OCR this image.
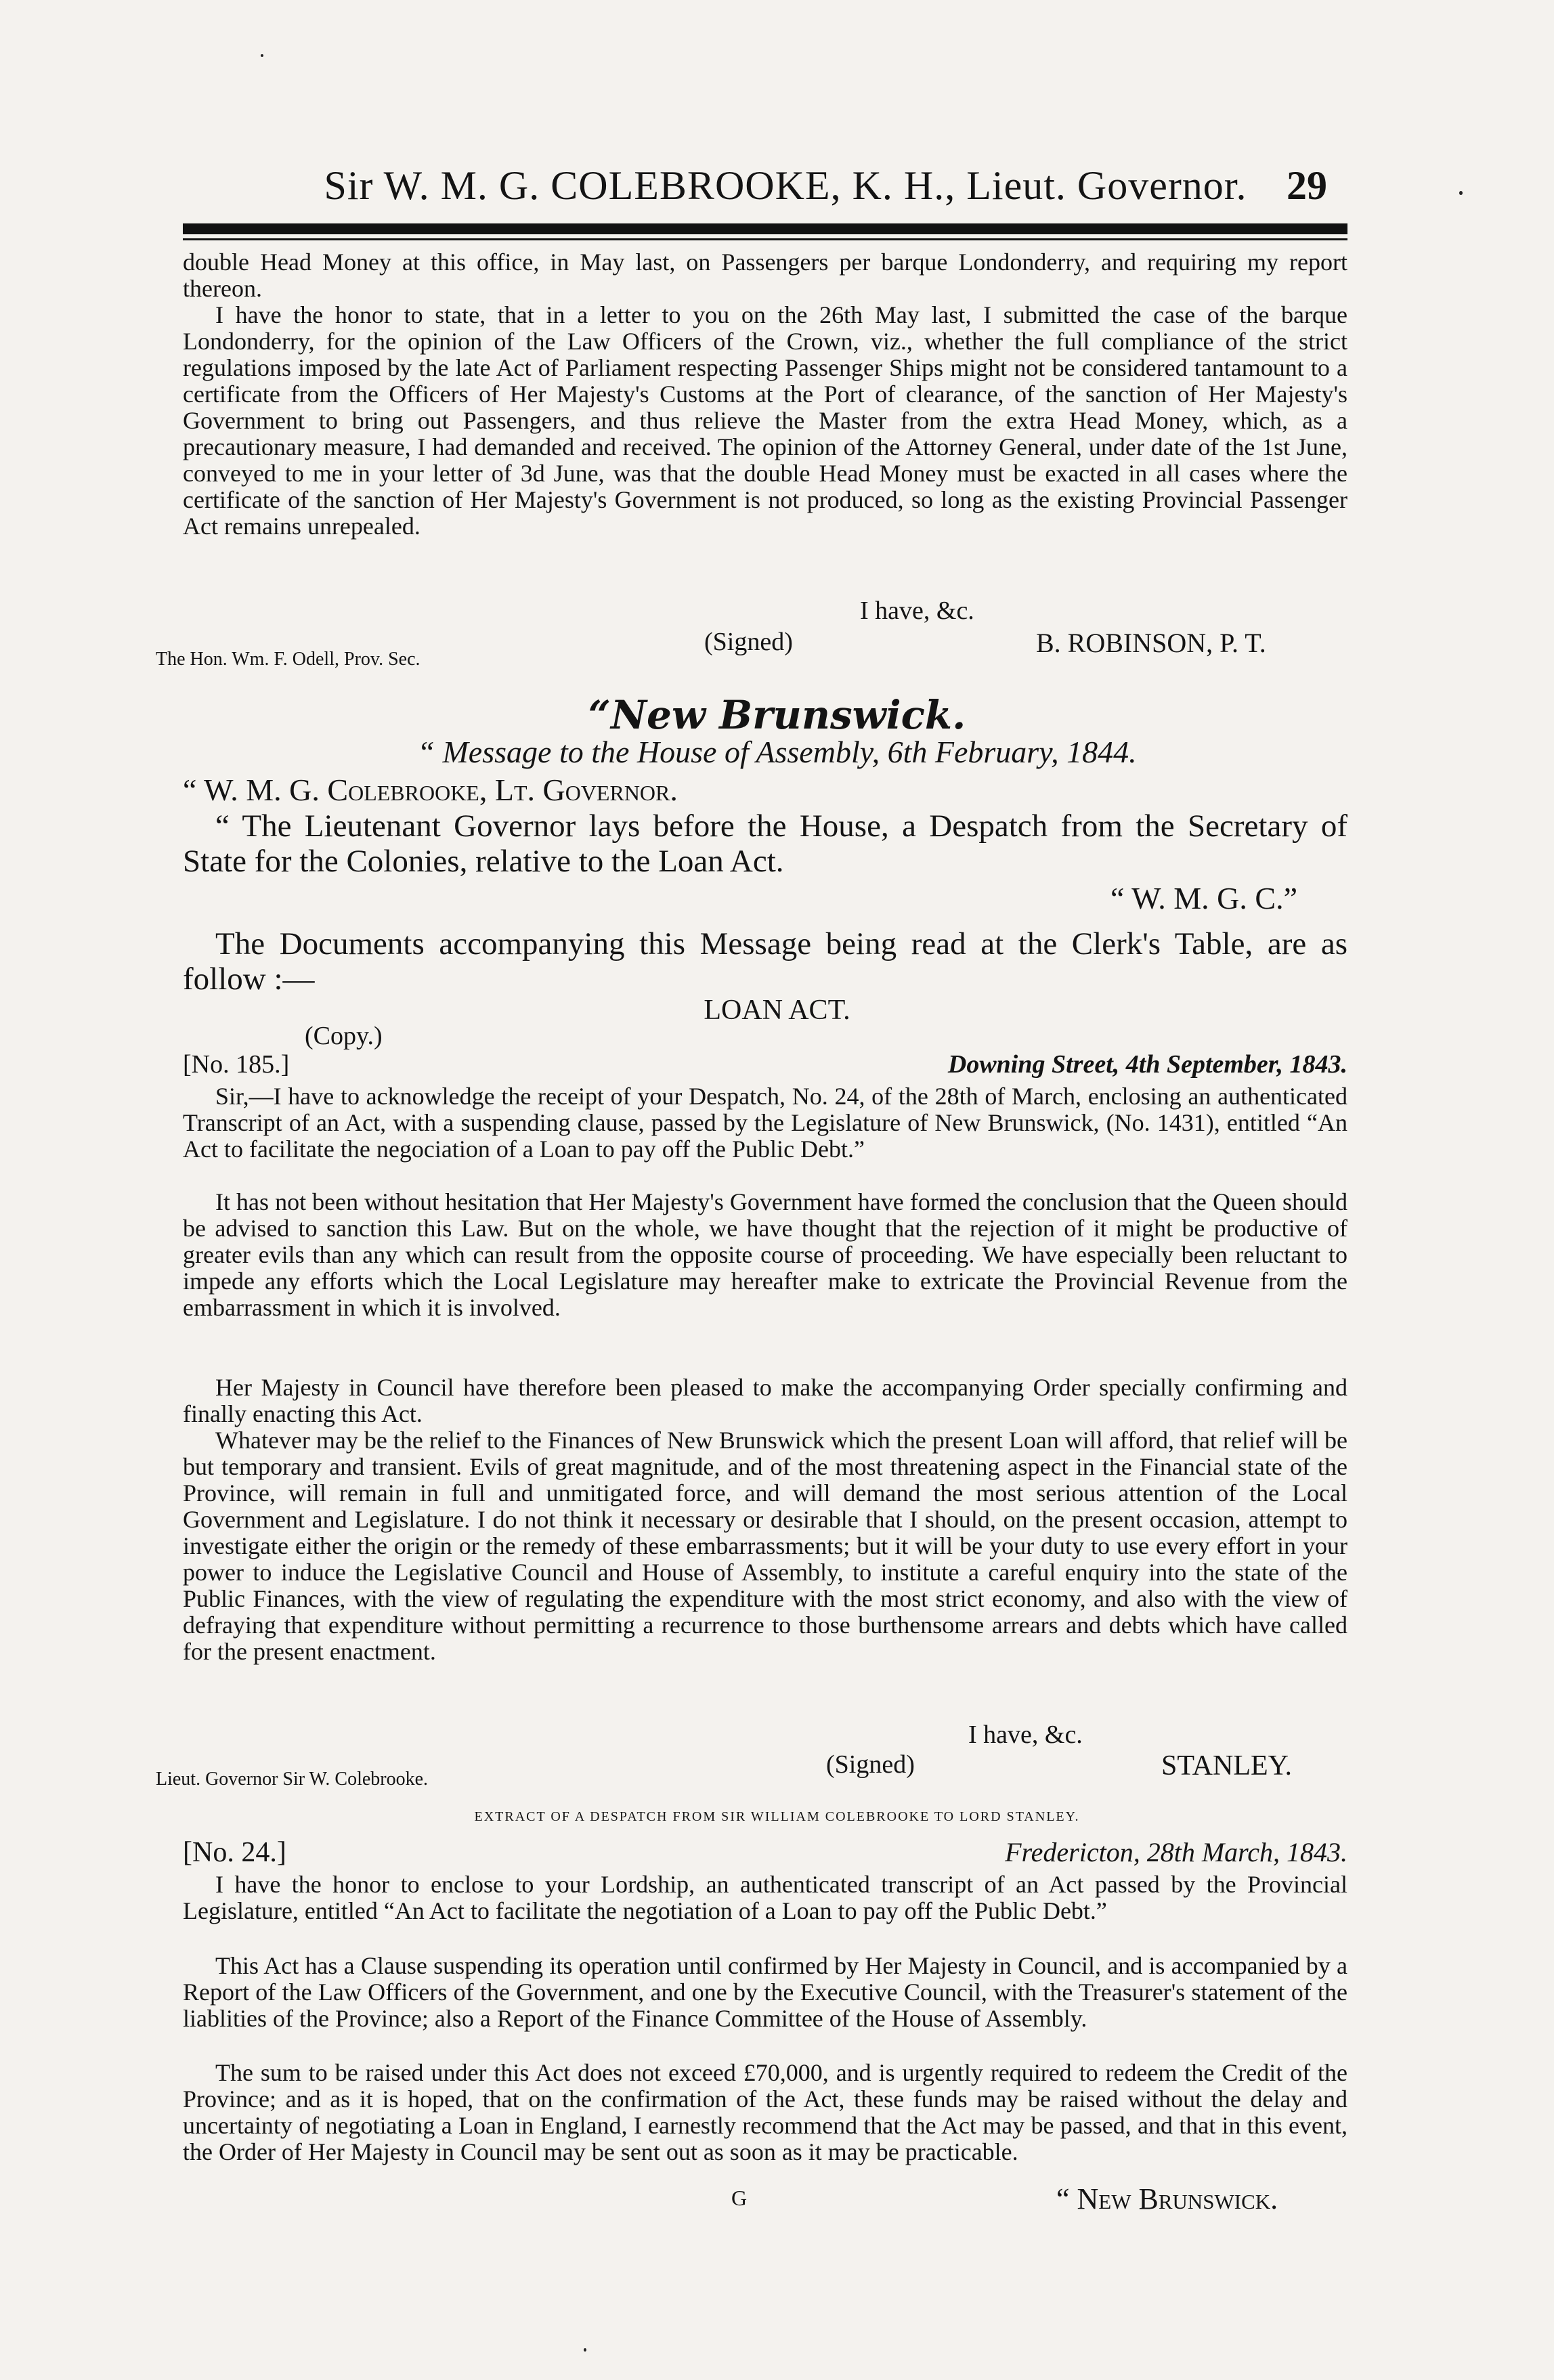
Sir W. M. G. COLEBROOKE, K. H., Lieut. Governor. 29

double Head Money at this office, in May last, on Passengers per barque Londonderry, and requiring my report thereon.

I have the honor to state, that in a letter to you on the 26th May last, I submitted the case of the barque Londonderry, for the opinion of the Law Officers of the Crown, viz., whether the full compliance of the strict regulations imposed by the late Act of Parliament respecting Passenger Ships might not be considered tantamount to a certificate from the Officers of Her Majesty's Customs at the Port of clearance, of the sanction of Her Majesty's Government to bring out Passengers, and thus relieve the Master from the extra Head Money, which, as a precautionary measure, I had demanded and received. The opinion of the Attorney General, under date of the 1st June, conveyed to me in your letter of 3d June, was that the double Head Money must be exacted in all cases where the certificate of the sanction of Her Majesty's Government is not produced, so long as the existing Provincial Passenger Act remains unrepealed.

I have, &c.
(Signed)	B. ROBINSON, P. T.
The Hon. Wm. F. Odell, Prov. Sec.
“New Brunswick.
“ Message to the House of Assembly, 6th February, 1844.
“ W. M. G. Colebrooke, Lt. Governor.

“ The Lieutenant Governor lays before the House, a Despatch from the Secretary of State for the Colonies, relative to the Loan Act.

“ W. M. G. C.”

The Documents accompanying this Message being read at the Clerk's Table, are as follow :—

LOAN ACT.
(Copy.)
[No. 185.]	Downing Street, 4th September, 1843.

Sir,—I have to acknowledge the receipt of your Despatch, No. 24, of the 28th of March, enclosing an authenticated Transcript of an Act, with a suspending clause, passed by the Legislature of New Brunswick, (No. 1431), entitled “An Act to facilitate the negociation of a Loan to pay off the Public Debt.”

It has not been without hesitation that Her Majesty's Government have formed the conclusion that the Queen should be advised to sanction this Law. But on the whole, we have thought that the rejection of it might be productive of greater evils than any which can result from the opposite course of proceeding. We have especially been reluctant to impede any efforts which the Local Legislature may hereafter make to extricate the Provincial Revenue from the embarrassment in which it is involved.

Her Majesty in Council have therefore been pleased to make the accompanying Order specially confirming and finally enacting this Act.

Whatever may be the relief to the Finances of New Brunswick which the present Loan will afford, that relief will be but temporary and transient. Evils of great magnitude, and of the most threatening aspect in the Financial state of the Province, will remain in full and unmitigated force, and will demand the most serious attention of the Local Government and Legislature. I do not think it necessary or desirable that I should, on the present occasion, attempt to investigate either the origin or the remedy of these embarrassments; but it will be your duty to use every effort in your power to induce the Legislative Council and House of Assembly, to institute a careful enquiry into the state of the Public Finances, with the view of regulating the expenditure with the most strict economy, and also with the view of defraying that expenditure without permitting a recurrence to those burthensome arrears and debts which have called for the present enactment.

I have, &c.
(Signed)	STANLEY.
Lieut. Governor Sir W. Colebrooke.
EXTRACT OF A DESPATCH FROM SIR WILLIAM COLEBROOKE TO LORD STANLEY.
[No. 24.]	Fredericton, 28th March, 1843.

I have the honor to enclose to your Lordship, an authenticated transcript of an Act passed by the Provincial Legislature, entitled “An Act to facilitate the negotiation of a Loan to pay off the Public Debt.”

This Act has a Clause suspending its operation until confirmed by Her Majesty in Council, and is accompanied by a Report of the Law Officers of the Government, and one by the Executive Council, with the Treasurer's statement of the liablities of the Province; also a Report of the Finance Committee of the House of Assembly.

The sum to be raised under this Act does not exceed £70,000, and is urgently required to redeem the Credit of the Province; and as it is hoped, that on the confirmation of the Act, these funds may be raised without the delay and uncertainty of negotiating a Loan in England, I earnestly recommend that the Act may be passed, and that in this event, the Order of Her Majesty in Council may be sent out as soon as it may be practicable.

G	“ New Brunswick.
